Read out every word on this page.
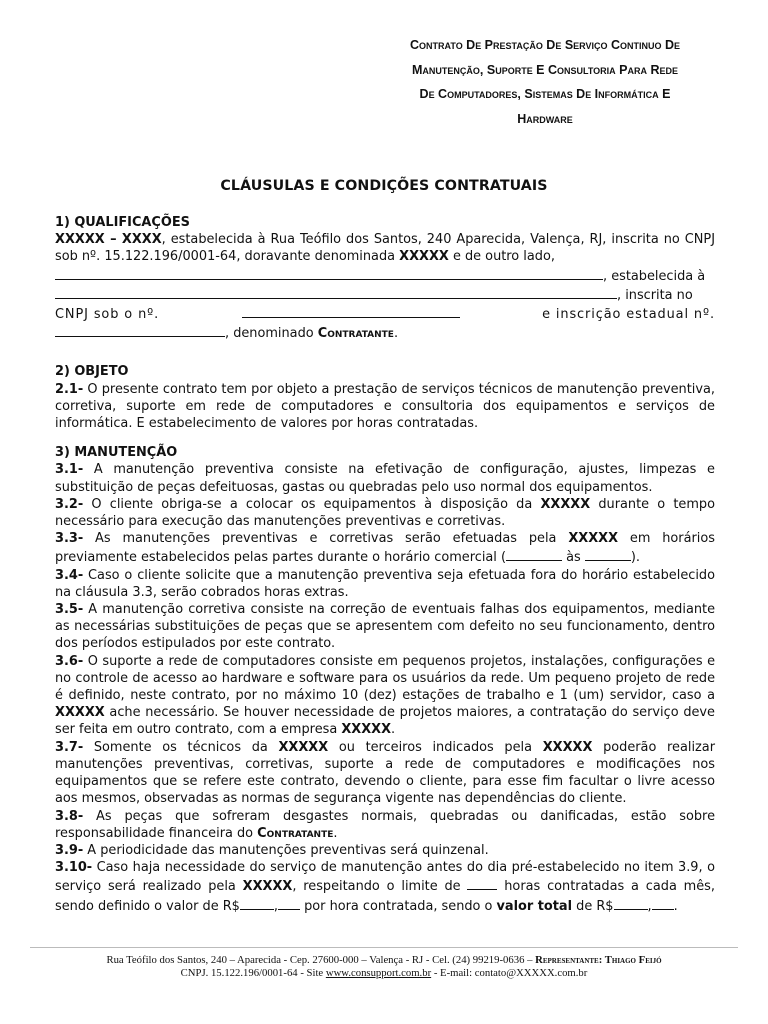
Contrato De Prestação De Serviço Continuo De
Manutenção, Suporte E Consultoria Para Rede
De Computadores, Sistemas De Informática E
Hardware
CLÁUSULAS E CONDIÇÕES CONTRATUAIS
1) QUALIFICAÇÕES
XXXXX – XXXX, estabelecida à Rua Teófilo dos Santos, 240 Aparecida, Valença, RJ, inscrita no CNPJ sob nº. 15.122.196/0001-64, doravante denominada XXXXX e de outro lado,
, estabelecida à
, inscrita no
CNPJ sob o nº.	e inscrição estadual nº.
, denominado Contratante.
2) OBJETO
2.1- O presente contrato tem por objeto a prestação de serviços técnicos de manutenção preventiva, corretiva, suporte em rede de computadores e consultoria dos equipamentos e serviços de informática. E estabelecimento de valores por horas contratadas.
3) MANUTENÇÃO
3.1- A manutenção preventiva consiste na efetivação de configuração, ajustes, limpezas e substituição de peças defeituosas, gastas ou quebradas pelo uso normal dos equipamentos.
3.2- O cliente obriga-se a colocar os equipamentos à disposição da XXXXX durante o tempo necessário para execução das manutenções preventivas e corretivas.
3.3- As manutenções preventivas e corretivas serão efetuadas pela XXXXX em horários previamente estabelecidos pelas partes durante o horário comercial (	às	).
3.4- Caso o cliente solicite que a manutenção preventiva seja efetuada fora do horário estabelecido na cláusula 3.3, serão cobrados horas extras.
3.5- A manutenção corretiva consiste na correção de eventuais falhas dos equipamentos, mediante as necessárias substituições de peças que se apresentem com defeito no seu funcionamento, dentro dos períodos estipulados por este contrato.
3.6- O suporte a rede de computadores consiste em pequenos projetos, instalações, configurações e no controle de acesso ao hardware e software para os usuários da rede. Um pequeno projeto de rede é definido, neste contrato, por no máximo 10 (dez) estações de trabalho e 1 (um) servidor, caso a XXXXX ache necessário. Se houver necessidade de projetos maiores, a contratação do serviço deve ser feita em outro contrato, com a empresa XXXXX.
3.7- Somente os técnicos da XXXXX ou terceiros indicados pela XXXXX poderão realizar manutenções preventivas, corretivas, suporte a rede de computadores e modificações nos equipamentos que se refere este contrato, devendo o cliente, para esse fim facultar o livre acesso aos mesmos, observadas as normas de segurança vigente nas dependências do cliente.
3.8- As peças que sofreram desgastes normais, quebradas ou danificadas, estão sobre responsabilidade financeira do Contratante.
3.9- A periodicidade das manutenções preventivas será quinzenal.
3.10- Caso haja necessidade do serviço de manutenção antes do dia pré-estabelecido no item 3.9, o serviço será realizado pela XXXXX, respeitando o limite de  horas contratadas a cada mês, sendo definido o valor de R$	, por hora contratada, sendo o valor total de R$	, .
Rua Teófilo dos Santos, 240 – Aparecida - Cep. 27600-000 – Valença - RJ - Cel. (24) 99219-0636 – Representante: Thiago Feijó
CNPJ. 15.122.196/0001-64 - Site www.consupport.com.br - E-mail: contato@XXXXX.com.br
